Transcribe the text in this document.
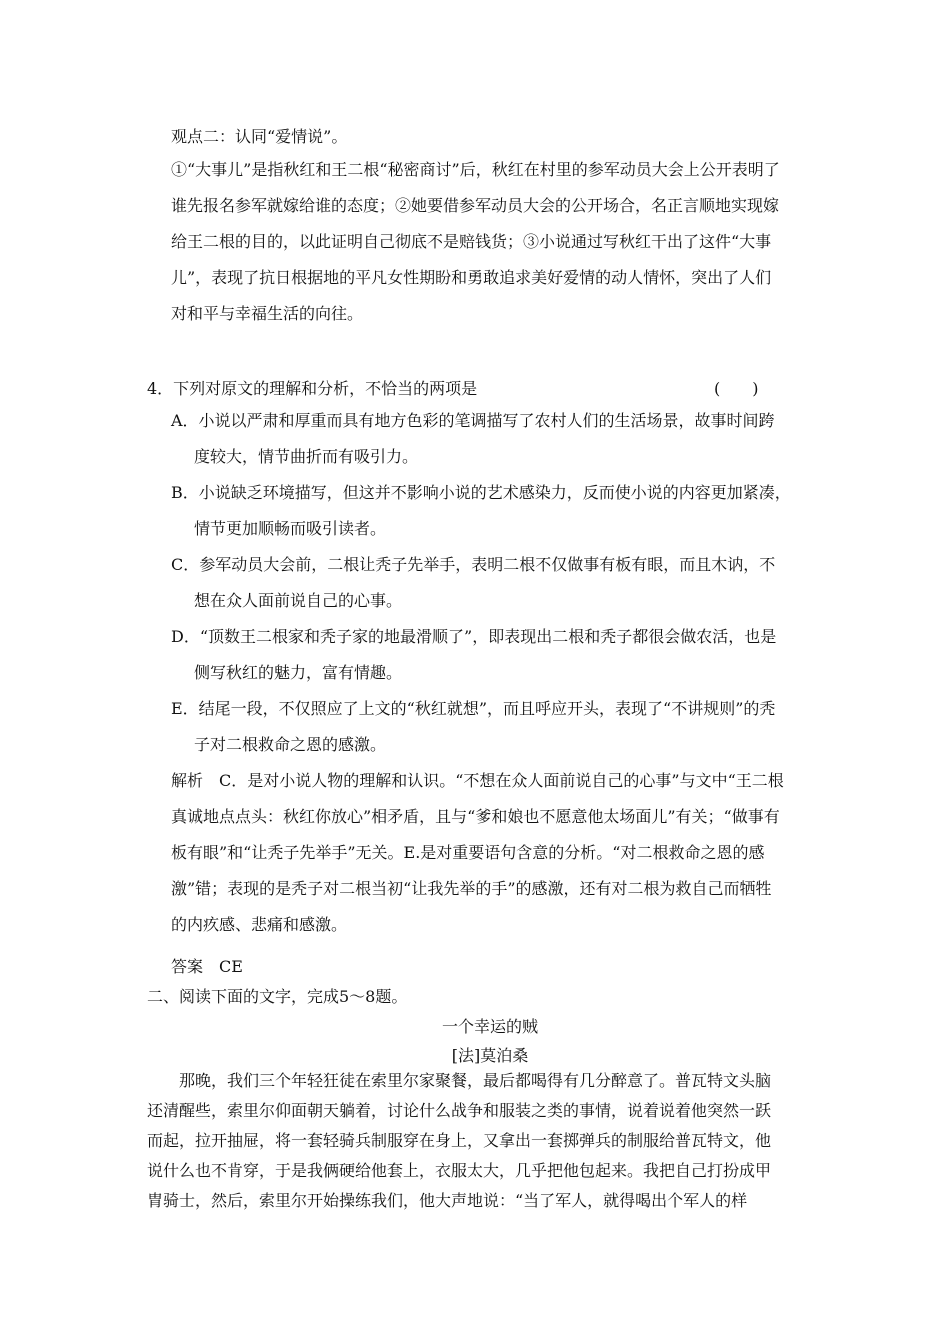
观点二：认同“爱情说”。

①“大事儿”是指秋红和王二根“秘密商讨”后，秋红在村里的参军动员大会上公开表明了
谁先报名参军就嫁给谁的态度；②她要借参军动员大会的公开场合，名正言顺地实现嫁
给王二根的目的，以此证明自己彻底不是赔钱货；③小说通过写秋红干出了这件“大事
儿”，表现了抗日根据地的平凡女性期盼和勇敢追求美好爱情的动人情怀，突出了人们
对和平与幸福生活的向往。

4．下列对原文的理解和分析，不恰当的两项是	(　　)
A．小说以严肃和厚重而具有地方色彩的笔调描写了农村人们的生活场景，故事时间跨
度较大，情节曲折而有吸引力。
B．小说缺乏环境描写，但这并不影响小说的艺术感染力，反而使小说的内容更加紧凑，
情节更加顺畅而吸引读者。
C．参军动员大会前，二根让秃子先举手，表明二根不仅做事有板有眼，而且木讷，不
想在众人面前说自己的心事。
D．“顶数王二根家和秃子家的地最滑顺了”，即表现出二根和秃子都很会做农活，也是
侧写秋红的魅力，富有情趣。
E．结尾一段，不仅照应了上文的“秋红就想”，而且呼应开头，表现了“不讲规则”的秃
子对二根救命之恩的感激。
解析　C．是对小说人物的理解和认识。“不想在众人面前说自己的心事”与文中“王二根
真诚地点点头：秋红你放心”相矛盾，且与“爹和娘也不愿意他太场面儿”有关；“做事有
板有眼”和“让秃子先举手”无关。E.是对重要语句含意的分析。“对二根救命之恩的感
激”错；表现的是秃子对二根当初“让我先举的手”的感激，还有对二根为救自己而牺牲
的内疚感、悲痛和感激。

答案　CE

二、阅读下面的文字，完成5～8题。

一个幸运的贼

[法]莫泊桑

　　那晚，我们三个年轻狂徒在索里尔家聚餐，最后都喝得有几分醉意了。普瓦特文头脑
还清醒些，索里尔仰面朝天躺着，讨论什么战争和服装之类的事情，说着说着他突然一跃
而起，拉开抽屉，将一套轻骑兵制服穿在身上，又拿出一套掷弹兵的制服给普瓦特文，他
说什么也不肯穿，于是我俩硬给他套上，衣服太大，几乎把他包起来。我把自己打扮成甲
胄骑士，然后，索里尔开始操练我们，他大声地说：“当了军人，就得喝出个军人的样
